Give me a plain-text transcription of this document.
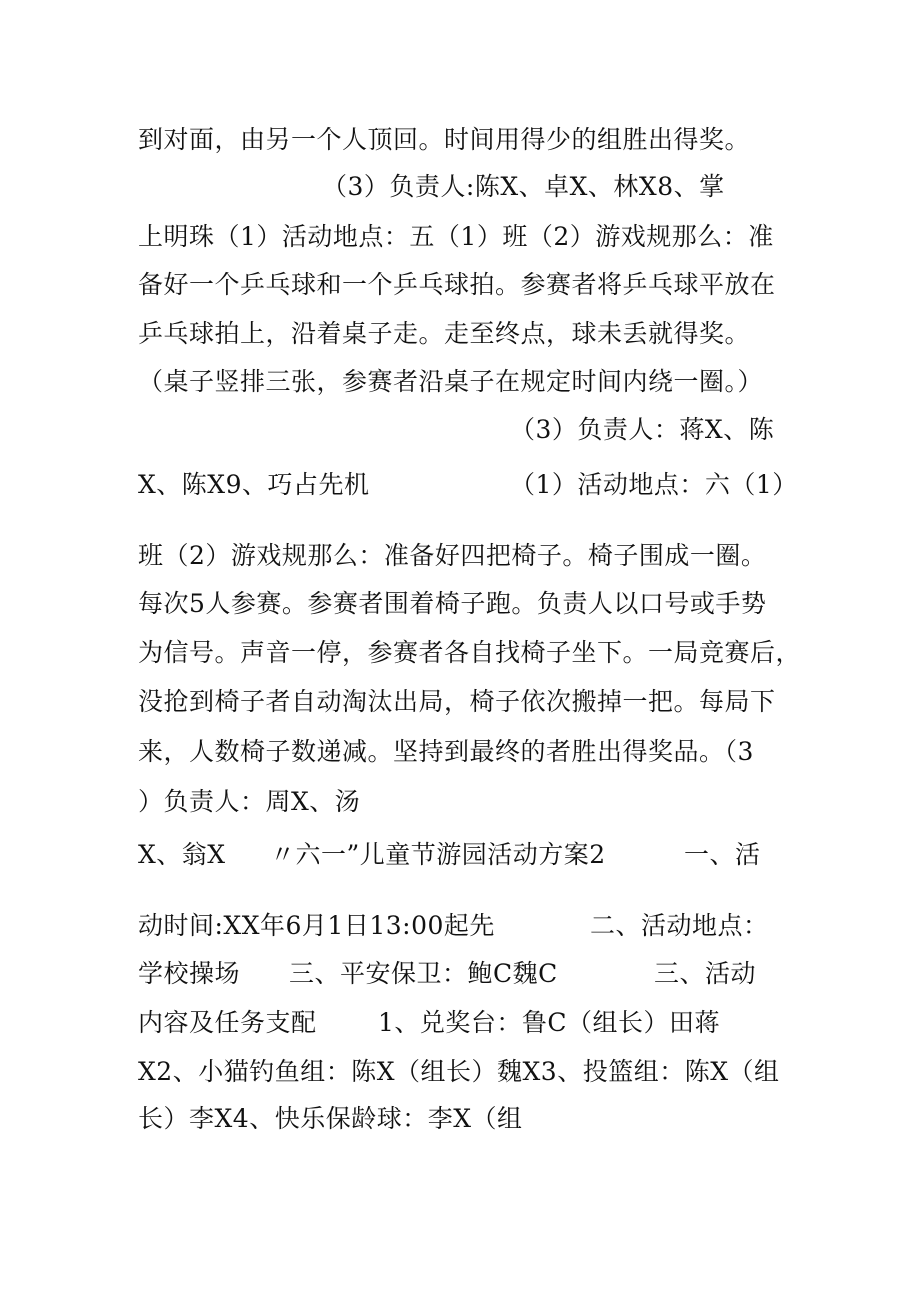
到对面，由另一个人顶回。时间用得少的组胜出得奖。
（3）负责人:陈X、卓X、林X8、掌
上明珠（1）活动地点：五（1）班（2）游戏规那么：准
备好一个乒乓球和一个乒乓球拍。参赛者将乒乓球平放在
乒乓球拍上，沿着桌子走。走至终点，球未丢就得奖。
（桌子竖排三张，参赛者沿桌子在规定时间内绕一圈。）
（3）负责人：蒋X、陈
X、陈X9、巧占先机	（1）活动地点：六（1）
班（2）游戏规那么：准备好四把椅子。椅子围成一圈。
每次5人参赛。参赛者围着椅子跑。负责人以口号或手势
为信号。声音一停，参赛者各自找椅子坐下。一局竞赛后，
没抢到椅子者自动淘汰出局，椅子依次搬掉一把。每局下
来，人数椅子数递减。坚持到最终的者胜出得奖品。（3
）负责人：周X、汤
X、翁X 〃六一”儿童节游园活动方案2	一、活
动时间:XX年6月1日13:00起先	二、活动地点：
学校操场 三、平安保卫：鲍C魏C	三、活动
内容及任务支配 1、兑奖台：鲁C（组长）田蒋
X2、小猫钓鱼组：陈X（组长）魏X3、投篮组：陈X（组
长）李X4、快乐保龄球：李X（组
